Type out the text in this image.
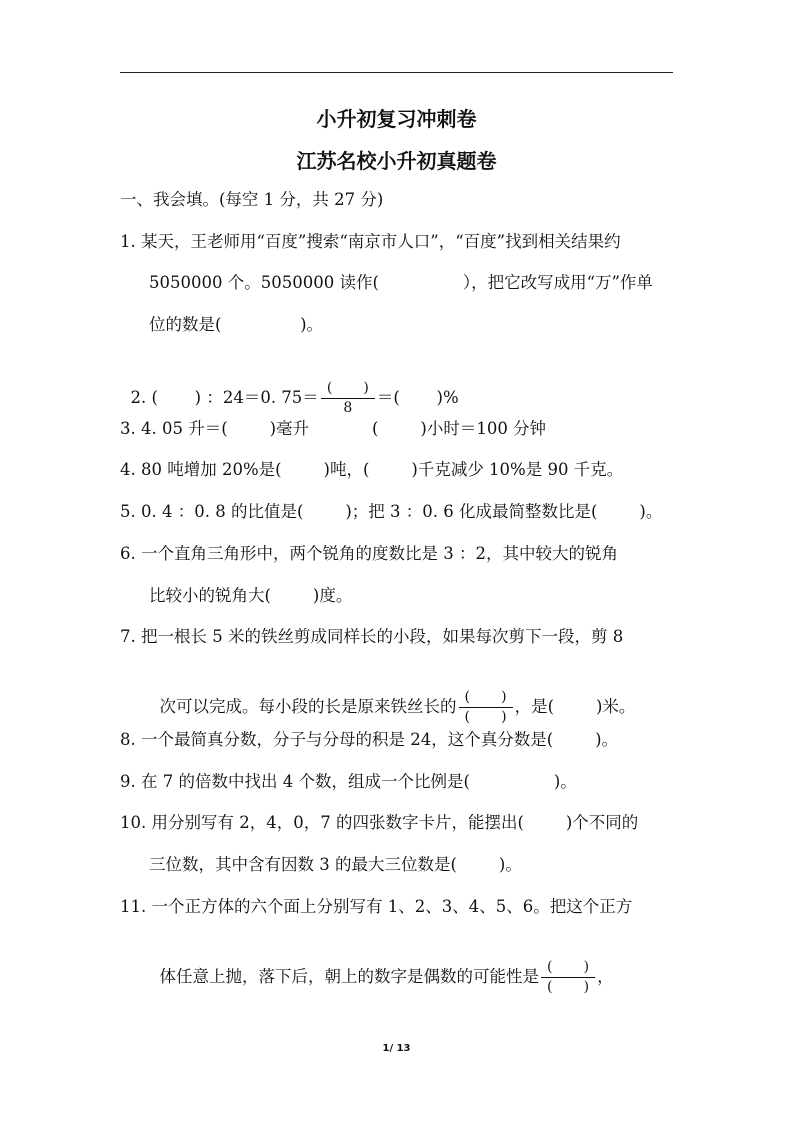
小升初复习冲刺卷
江苏名校小升初真题卷
一、我会填。(每空 1 分，共 27 分)
1. 某天，王老师用“百度”搜索“南京市人口”，“百度”找到相关结果约
5050000 个。5050000 读作(                ），把它改写成用“万”作单
位的数是(               )。

2. (       ) ：24＝0. $75= \frac{( )}{8}$ ＝(       )%

3. 4. 05 升＝(        )毫升            (        )小时＝100 分钟
4. 80 吨增加 20%是(        )吨，(        )千克减少 10%是 90 千克。
5. 0. 4 ：0. 8 的比值是(        )；把 3 ：0. 6 化成最简整数比是(        )。
6. 一个直角三角形中，两个锐角的度数比是 3 ：2，其中较大的锐角
比较小的锐角大(        )度。
7. 把一根长 5 米的铁丝剪成同样长的小段，如果每次剪下一段，剪 8

次可以完成。每小段的长是原来铁丝长的 $\frac{( )}{( )}$ ，是(        )米。

8. 一个最简真分数，分子与分母的积是 24，这个真分数是(        )。
9. 在 7 的倍数中找出 4 个数，组成一个比例是(                )。
10. 用分别写有 2，4，0，7 的四张数字卡片，能摆出(        )个不同的
三位数，其中含有因数 3 的最大三位数是(        )。
11. 一个正方体的六个面上分别写有 1、2、3、4、5、6。把这个正方

体任意上抛，落下后，朝上的数字是偶数的可能性是 $\frac{( )}{( )}$ ，

1/ 13
